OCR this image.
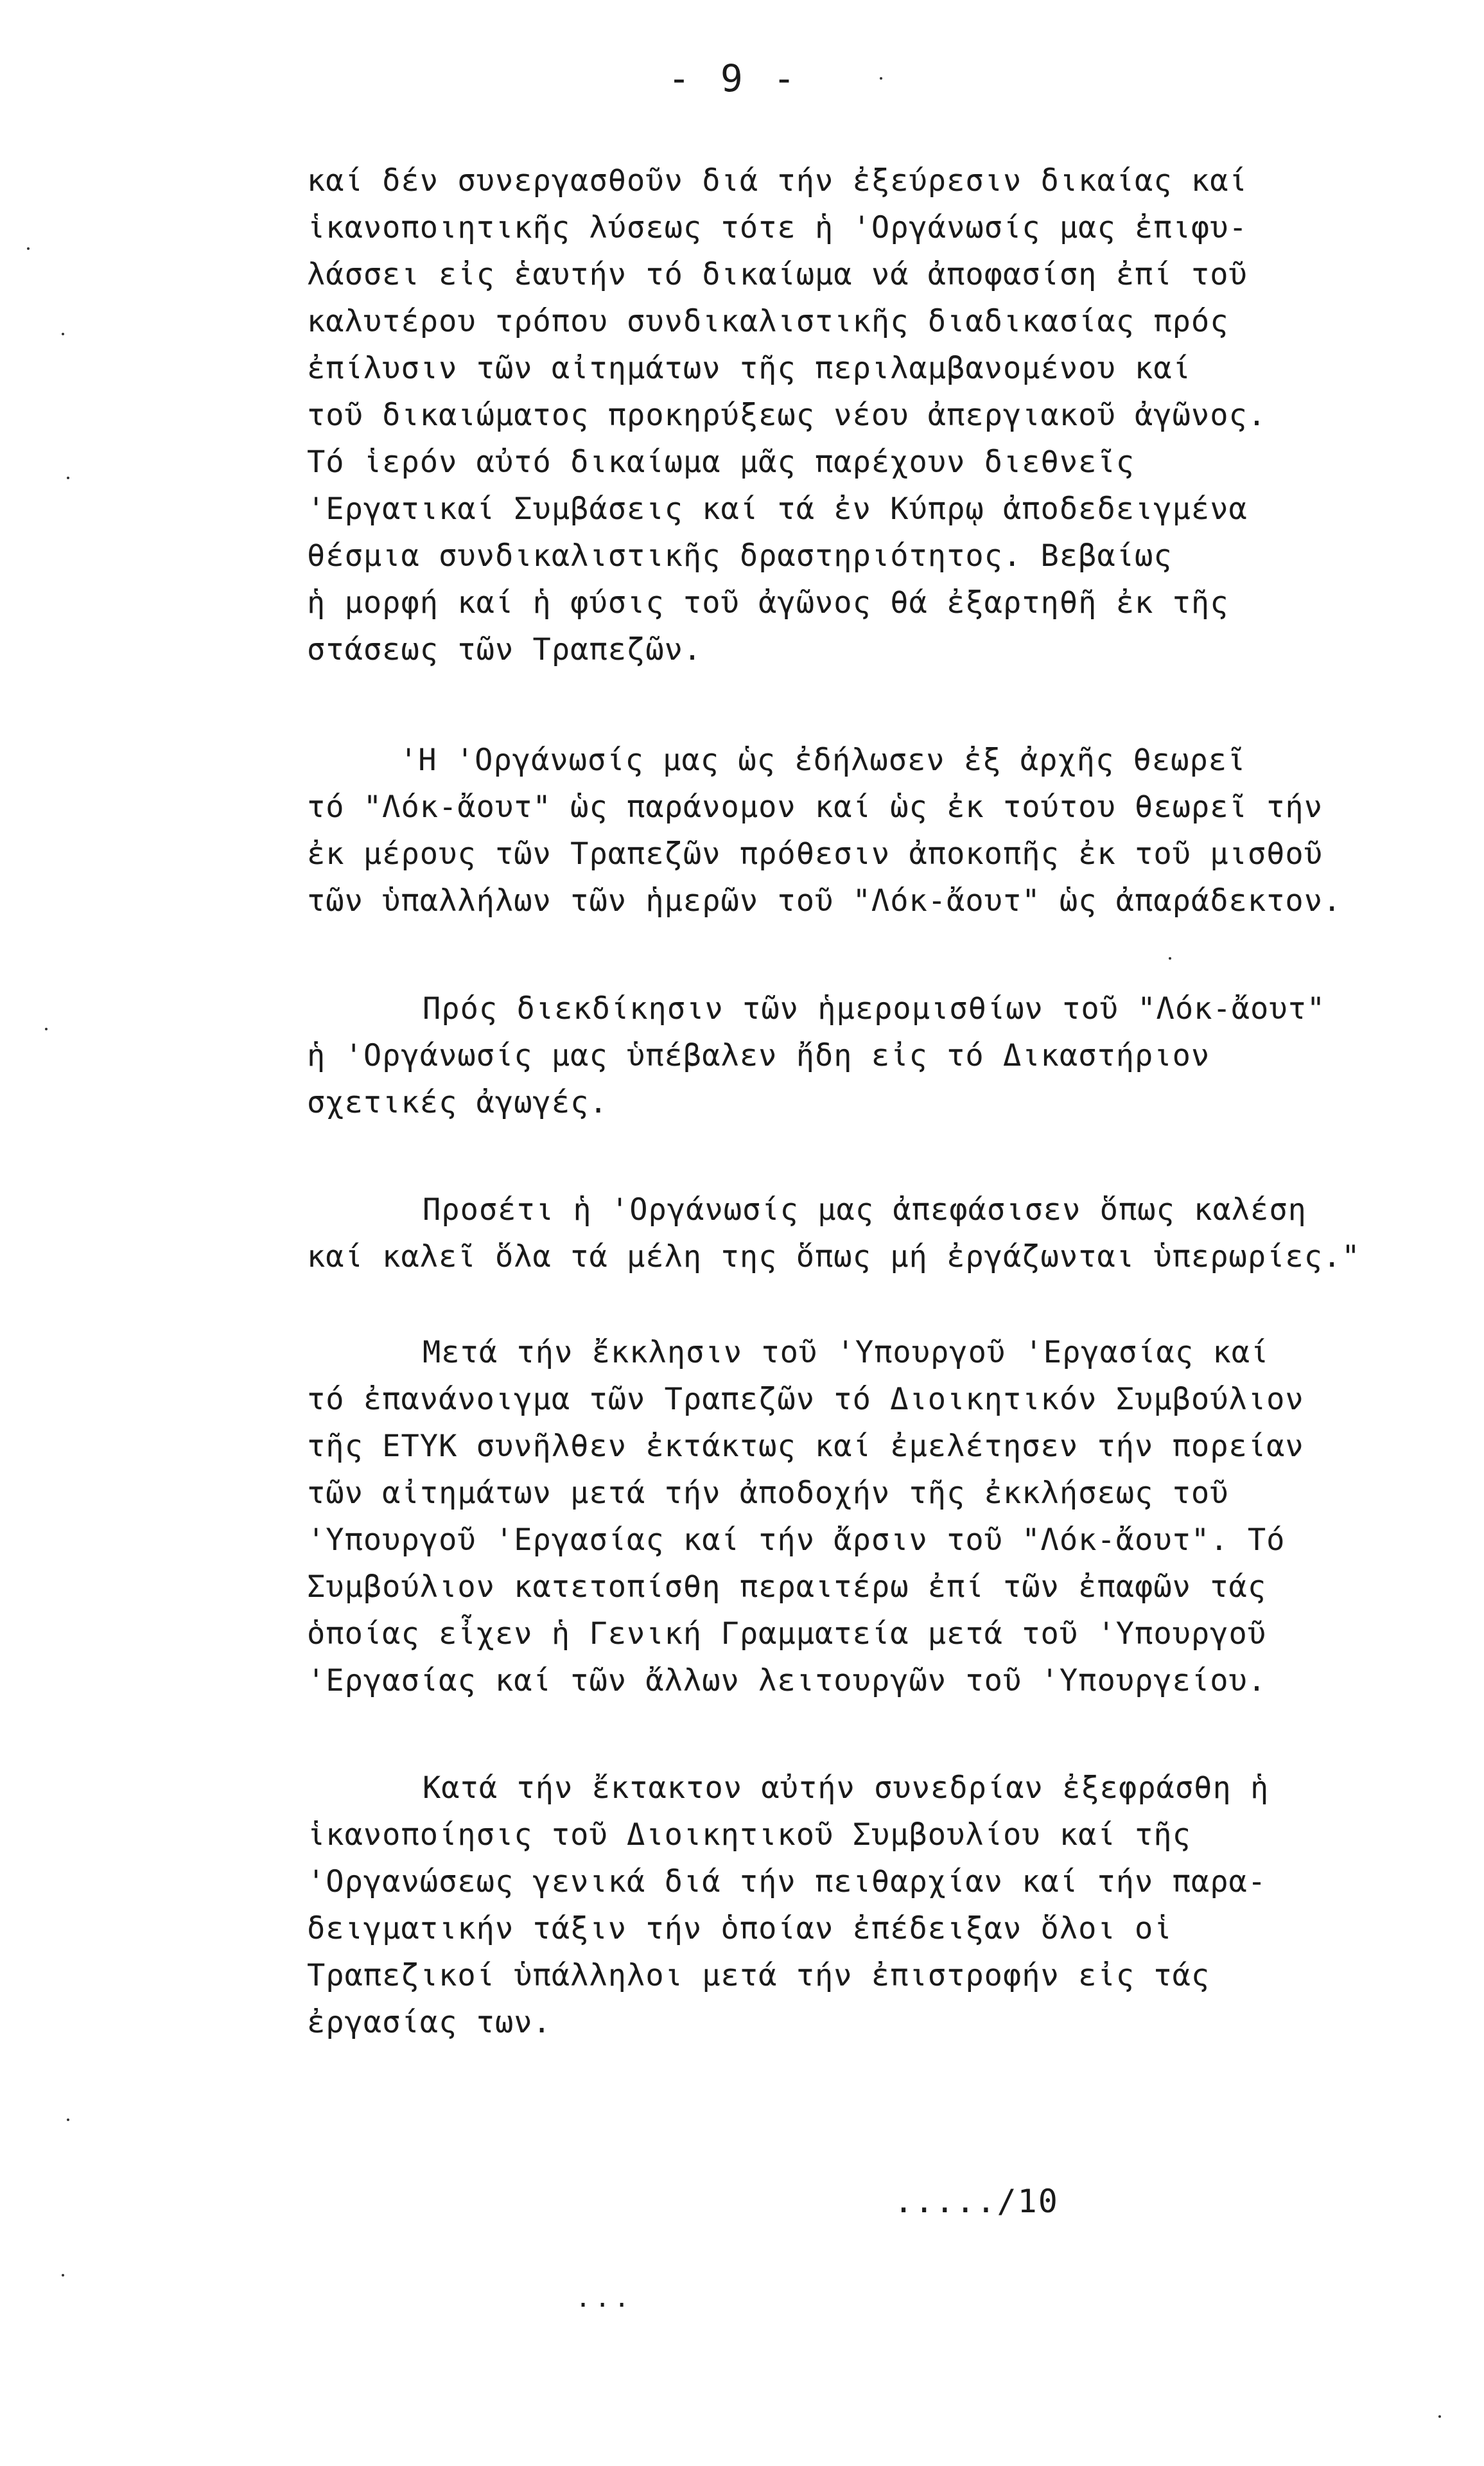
- 9 -
καί δέν συνεργασθοῦν διά τήν ἐξεύρεσιν δικαίας καί
ἱκανοποιητικῆς λύσεως τότε ἡ 'Οργάνωσίς μας ἐπιφυ-
λάσσει εἰς ἑαυτήν τό δικαίωμα νά ἀποφασίση ἐπί τοῦ
καλυτέρου τρόπου συνδικαλιστικῆς διαδικασίας πρός
ἐπίλυσιν τῶν αἰτημάτων τῆς περιλαμβανομένου καί
τοῦ δικαιώματος προκηρύξεως νέου ἀπεργιακοῦ ἀγῶνος.
Τό ἱερόν αὐτό δικαίωμα μᾶς παρέχουν διεθνεῖς
'Εργατικαί Συμβάσεις καί τά ἐν Κύπρῳ ἀποδεδειγμένα
θέσμια συνδικαλιστικῆς δραστηριότητος. Βεβαίως
ἡ μορφή καί ἡ φύσις τοῦ ἀγῶνος θά ἐξαρτηθῆ ἐκ τῆς
στάσεως τῶν Τραπεζῶν.
'Η 'Οργάνωσίς μας ὡς ἐδήλωσεν ἐξ ἀρχῆς θεωρεῖ
τό "Λόκ-ἄουτ" ὡς παράνομον καί ὡς ἐκ τούτου θεωρεῖ τήν
ἐκ μέρους τῶν Τραπεζῶν πρόθεσιν ἀποκοπῆς ἐκ τοῦ μισθοῦ
τῶν ὑπαλλήλων τῶν ἡμερῶν τοῦ "Λόκ-ἄουτ" ὡς ἀπαράδεκτον.
Πρός διεκδίκησιν τῶν ἡμερομισθίων τοῦ "Λόκ-ἄουτ"
ἡ 'Οργάνωσίς μας ὑπέβαλεν ἤδη εἰς τό Δικαστήριον
σχετικές ἀγωγές.
Προσέτι ἡ 'Οργάνωσίς μας ἀπεφάσισεν ὅπως καλέση
καί καλεῖ ὅλα τά μέλη της ὅπως μή ἐργάζωνται ὑπερωρίες."
Μετά τήν ἔκκλησιν τοῦ 'Υπουργοῦ 'Εργασίας καί
τό ἐπανάνοιγμα τῶν Τραπεζῶν τό Διοικητικόν Συμβούλιον
τῆς ΕΤΥΚ συνῆλθεν ἐκτάκτως καί ἐμελέτησεν τήν πορείαν
τῶν αἰτημάτων μετά τήν ἀποδοχήν τῆς ἐκκλήσεως τοῦ
'Υπουργοῦ 'Εργασίας καί τήν ἄρσιν τοῦ "Λόκ-ἄουτ". Τό
Συμβούλιον κατετοπίσθη περαιτέρω ἐπί τῶν ἐπαφῶν τάς
ὁποίας εἶχεν ἡ Γενική Γραμματεία μετά τοῦ 'Υπουργοῦ
'Εργασίας καί τῶν ἄλλων λειτουργῶν τοῦ 'Υπουργείου.
Κατά τήν ἔκτακτον αὐτήν συνεδρίαν ἐξεφράσθη ἡ
ἱκανοποίησις τοῦ Διοικητικοῦ Συμβουλίου καί τῆς
'Οργανώσεως γενικά διά τήν πειθαρχίαν καί τήν παρα-
δειγματικήν τάξιν τήν ὁποίαν ἐπέδειξαν ὅλοι οἱ
Τραπεζικοί ὑπάλληλοι μετά τήν ἐπιστροφήν εἰς τάς
ἐργασίας των.
...../10
...
